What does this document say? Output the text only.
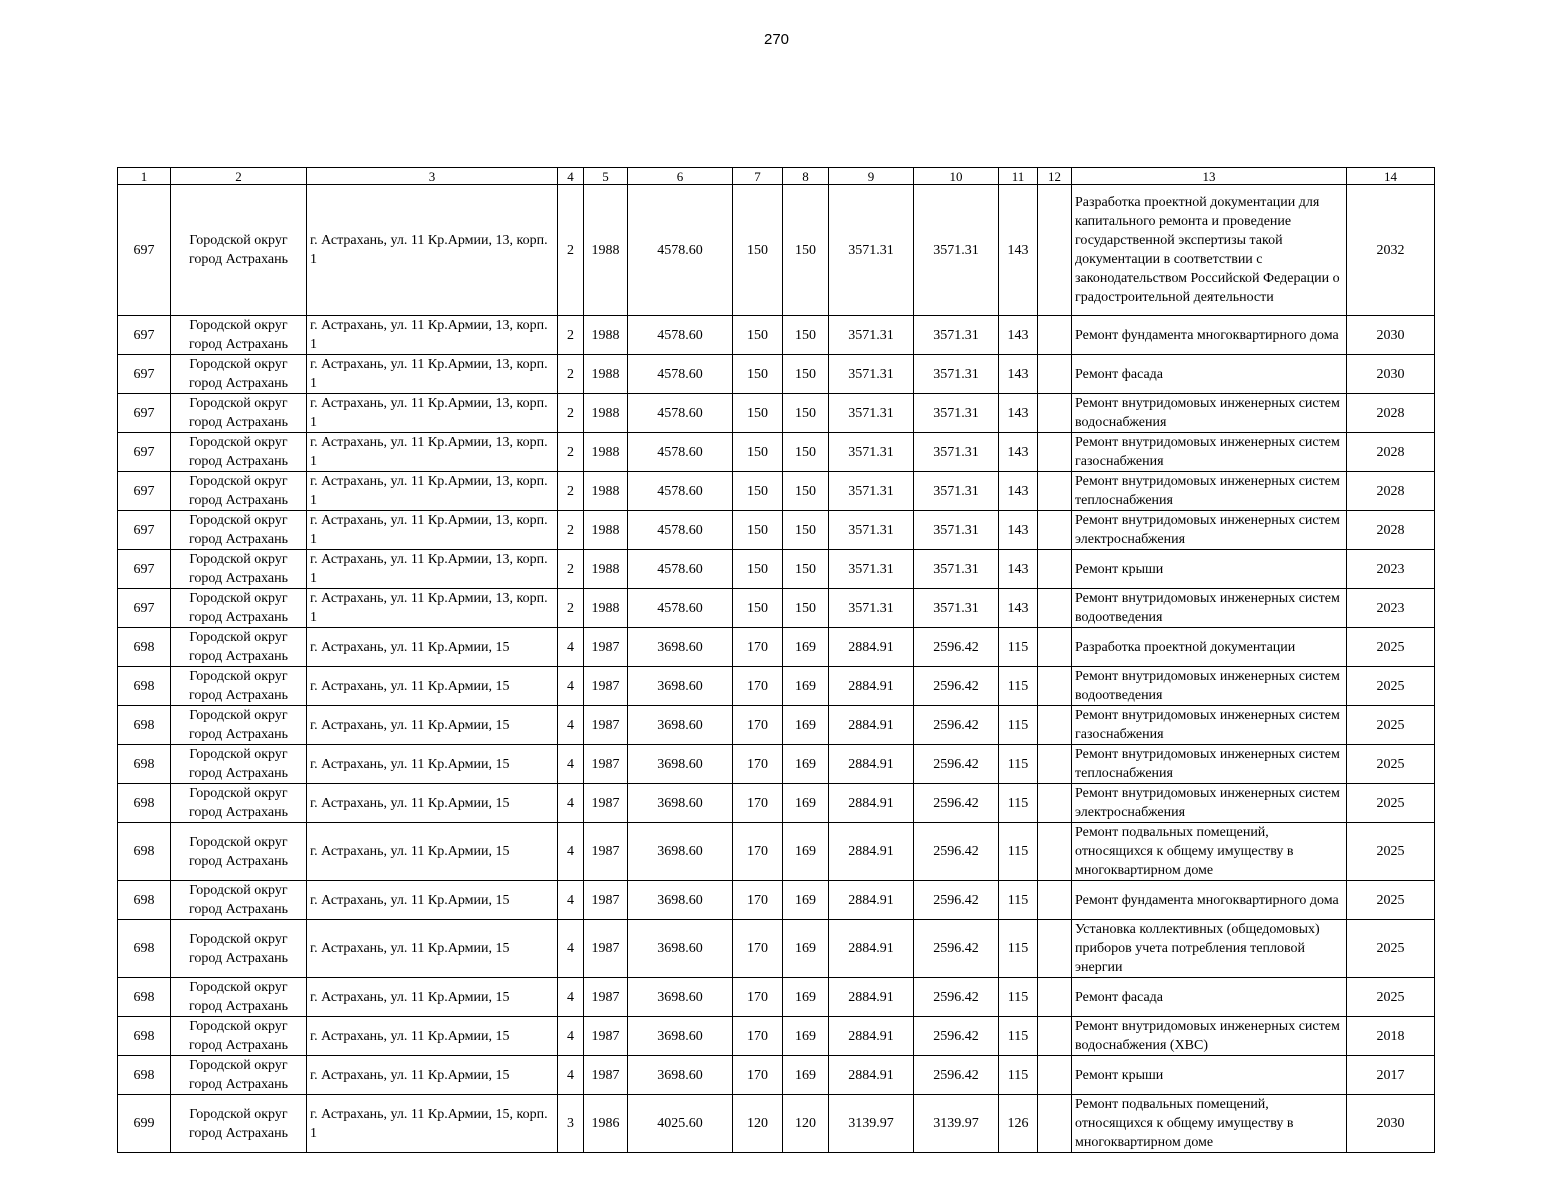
270
1	2	3	4	5	6	7	8	9	10	11	12	13	14
697	Городской округ город Астрахань	г. Астрахань, ул. 11 Кр.Армии, 13, корп. 1	2	1988	4578.60	150	150	3571.31	3571.31	143		Разработка проектной документации для капитального ремонта и проведение государственной экспертизы такой документации в соответствии с законодательством Российской Федерации о градостроительной деятельности	2032
697	Городской округ город Астрахань	г. Астрахань, ул. 11 Кр.Армии, 13, корп. 1	2	1988	4578.60	150	150	3571.31	3571.31	143		Ремонт фундамента многоквартирного дома	2030
697	Городской округ город Астрахань	г. Астрахань, ул. 11 Кр.Армии, 13, корп. 1	2	1988	4578.60	150	150	3571.31	3571.31	143		Ремонт фасада	2030
697	Городской округ город Астрахань	г. Астрахань, ул. 11 Кр.Армии, 13, корп. 1	2	1988	4578.60	150	150	3571.31	3571.31	143		Ремонт внутридомовых инженерных систем водоснабжения	2028
697	Городской округ город Астрахань	г. Астрахань, ул. 11 Кр.Армии, 13, корп. 1	2	1988	4578.60	150	150	3571.31	3571.31	143		Ремонт внутридомовых инженерных систем газоснабжения	2028
697	Городской округ город Астрахань	г. Астрахань, ул. 11 Кр.Армии, 13, корп. 1	2	1988	4578.60	150	150	3571.31	3571.31	143		Ремонт внутридомовых инженерных систем теплоснабжения	2028
697	Городской округ город Астрахань	г. Астрахань, ул. 11 Кр.Армии, 13, корп. 1	2	1988	4578.60	150	150	3571.31	3571.31	143		Ремонт внутридомовых инженерных систем электроснабжения	2028
697	Городской округ город Астрахань	г. Астрахань, ул. 11 Кр.Армии, 13, корп. 1	2	1988	4578.60	150	150	3571.31	3571.31	143		Ремонт крыши	2023
697	Городской округ город Астрахань	г. Астрахань, ул. 11 Кр.Армии, 13, корп. 1	2	1988	4578.60	150	150	3571.31	3571.31	143		Ремонт внутридомовых инженерных систем водоотведения	2023
698	Городской округ город Астрахань	г. Астрахань, ул. 11 Кр.Армии, 15	4	1987	3698.60	170	169	2884.91	2596.42	115		Разработка проектной документации	2025
698	Городской округ город Астрахань	г. Астрахань, ул. 11 Кр.Армии, 15	4	1987	3698.60	170	169	2884.91	2596.42	115		Ремонт внутридомовых инженерных систем водоотведения	2025
698	Городской округ город Астрахань	г. Астрахань, ул. 11 Кр.Армии, 15	4	1987	3698.60	170	169	2884.91	2596.42	115		Ремонт внутридомовых инженерных систем газоснабжения	2025
698	Городской округ город Астрахань	г. Астрахань, ул. 11 Кр.Армии, 15	4	1987	3698.60	170	169	2884.91	2596.42	115		Ремонт внутридомовых инженерных систем теплоснабжения	2025
698	Городской округ город Астрахань	г. Астрахань, ул. 11 Кр.Армии, 15	4	1987	3698.60	170	169	2884.91	2596.42	115		Ремонт внутридомовых инженерных систем электроснабжения	2025
698	Городской округ город Астрахань	г. Астрахань, ул. 11 Кр.Армии, 15	4	1987	3698.60	170	169	2884.91	2596.42	115		Ремонт подвальных помещений, относящихся к общему имуществу в многоквартирном доме	2025
698	Городской округ город Астрахань	г. Астрахань, ул. 11 Кр.Армии, 15	4	1987	3698.60	170	169	2884.91	2596.42	115		Ремонт фундамента многоквартирного дома	2025
698	Городской округ город Астрахань	г. Астрахань, ул. 11 Кр.Армии, 15	4	1987	3698.60	170	169	2884.91	2596.42	115		Установка коллективных (общедомовых) приборов учета потребления тепловой энергии	2025
698	Городской округ город Астрахань	г. Астрахань, ул. 11 Кр.Армии, 15	4	1987	3698.60	170	169	2884.91	2596.42	115		Ремонт фасада	2025
698	Городской округ город Астрахань	г. Астрахань, ул. 11 Кр.Армии, 15	4	1987	3698.60	170	169	2884.91	2596.42	115		Ремонт внутридомовых инженерных систем водоснабжения (ХВС)	2018
698	Городской округ город Астрахань	г. Астрахань, ул. 11 Кр.Армии, 15	4	1987	3698.60	170	169	2884.91	2596.42	115		Ремонт крыши	2017
699	Городской округ город Астрахань	г. Астрахань, ул. 11 Кр.Армии, 15, корп. 1	3	1986	4025.60	120	120	3139.97	3139.97	126		Ремонт подвальных помещений, относящихся к общему имуществу в многоквартирном доме	2030
